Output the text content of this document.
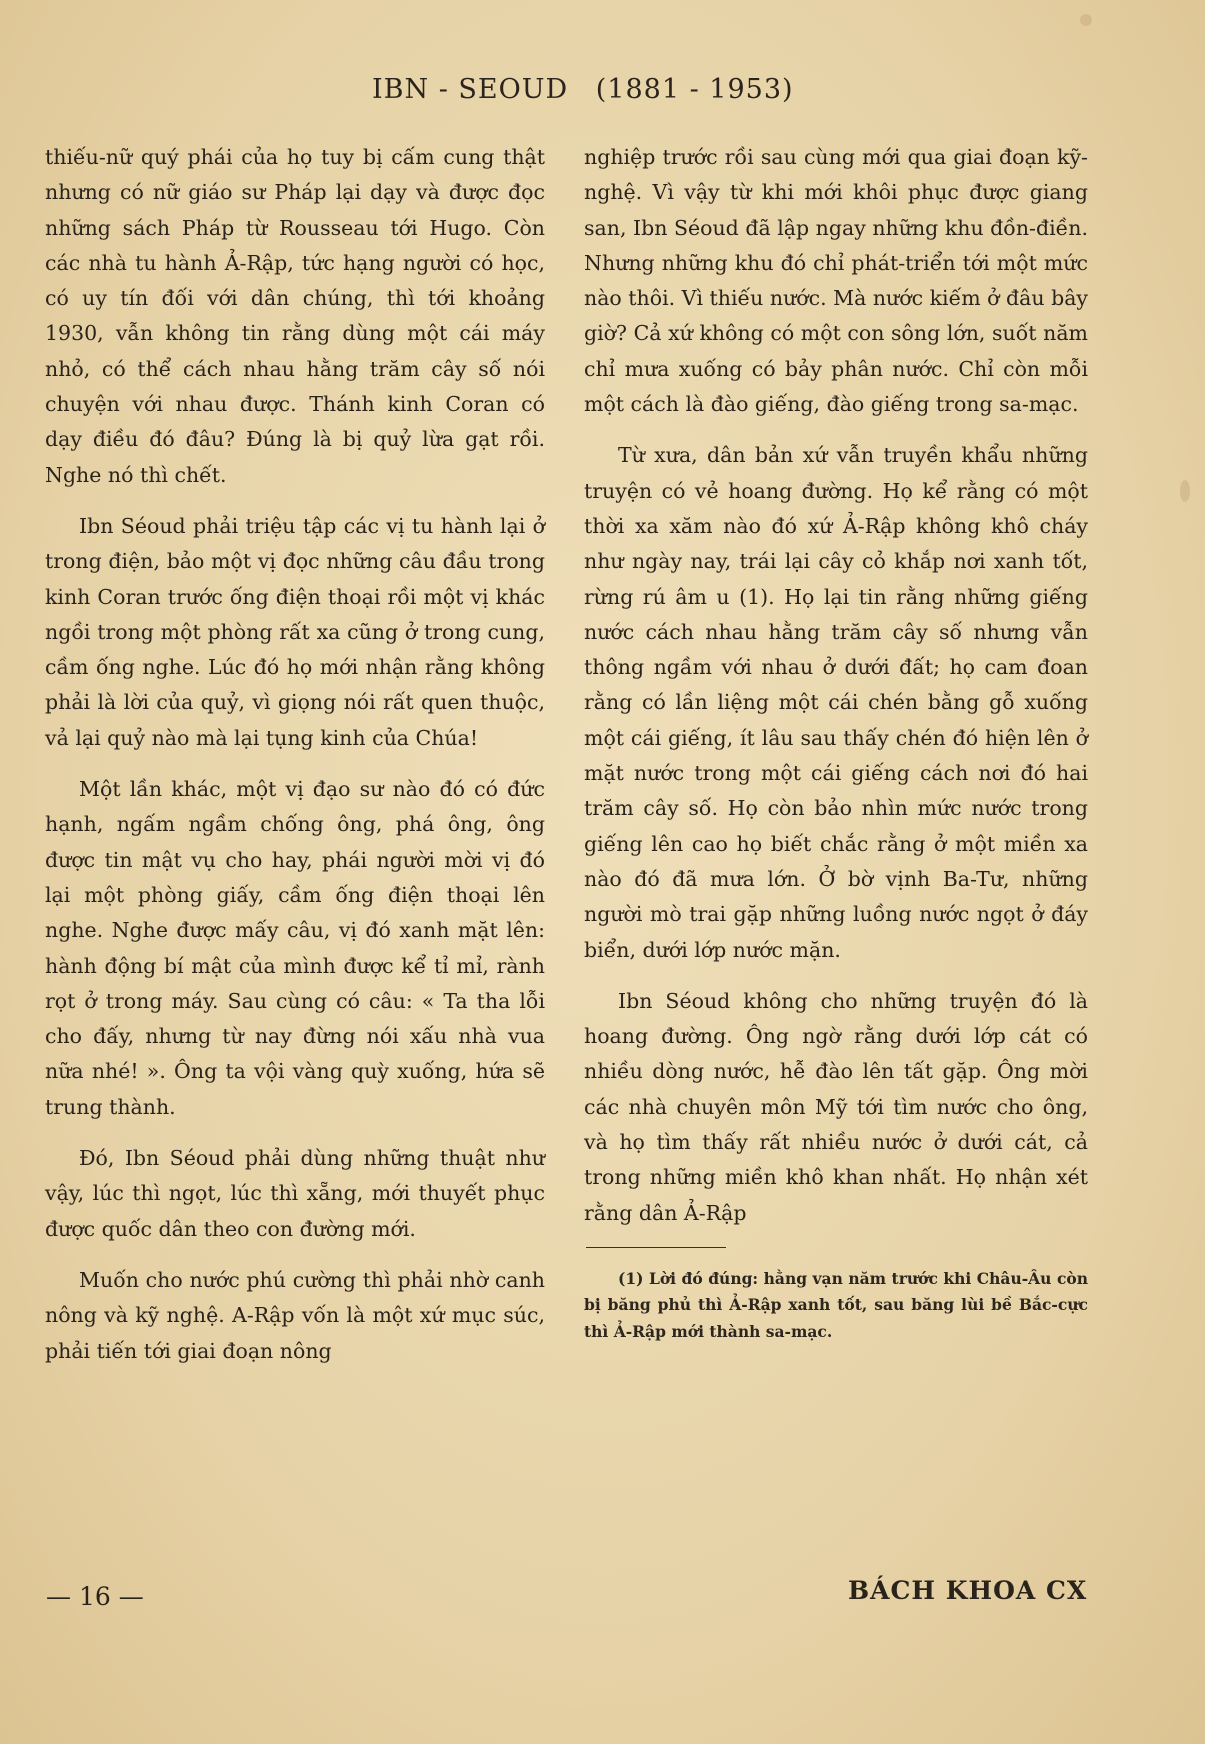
IBN - SEOUD (1881 - 1953)

thiếu-nữ quý phái của họ tuy bị cấm cung thật nhưng có nữ giáo sư Pháp lại dạy và được đọc những sách Pháp từ Rousseau tới Hugo. Còn các nhà tu hành Ả-Rập, tức hạng người có học, có uy tín đối với dân chúng, thì tới khoảng 1930, vẫn không tin rằng dùng một cái máy nhỏ, có thể cách nhau hằng trăm cây số nói chuyện với nhau được. Thánh kinh Coran có dạy điều đó đâu? Đúng là bị quỷ lừa gạt rồi. Nghe nó thì chết.

Ibn Séoud phải triệu tập các vị tu hành lại ở trong điện, bảo một vị đọc những câu đầu trong kinh Coran trước ống điện thoại rồi một vị khác ngồi trong một phòng rất xa cũng ở trong cung, cầm ống nghe. Lúc đó họ mới nhận rằng không phải là lời của quỷ, vì giọng nói rất quen thuộc, vả lại quỷ nào mà lại tụng kinh của Chúa!

Một lần khác, một vị đạo sư nào đó có đức hạnh, ngấm ngầm chống ông, phá ông, ông được tin mật vụ cho hay, phái người mời vị đó lại một phòng giấy, cầm ống điện thoại lên nghe. Nghe được mấy câu, vị đó xanh mặt lên: hành động bí mật của mình được kể tỉ mỉ, rành rọt ở trong máy. Sau cùng có câu: « Ta tha lỗi cho đấy, nhưng từ nay đừng nói xấu nhà vua nữa nhé! ». Ông ta vội vàng quỳ xuống, hứa sẽ trung thành.

Đó, Ibn Séoud phải dùng những thuật như vậy, lúc thì ngọt, lúc thì xẵng, mới thuyết phục được quốc dân theo con đường mới.

Muốn cho nước phú cường thì phải nhờ canh nông và kỹ nghệ. A-Rập vốn là một xứ mục súc, phải tiến tới giai đoạn nông

nghiệp trước rồi sau cùng mới qua giai đoạn kỹ-nghệ. Vì vậy từ khi mới khôi phục được giang san, Ibn Séoud đã lập ngay những khu đồn-điền. Nhưng những khu đó chỉ phát-triển tới một mức nào thôi. Vì thiếu nước. Mà nước kiếm ở đâu bây giờ? Cả xứ không có một con sông lớn, suốt năm chỉ mưa xuống có bảy phân nước. Chỉ còn mỗi một cách là đào giếng, đào giếng trong sa-mạc.

Từ xưa, dân bản xứ vẫn truyền khẩu những truyện có vẻ hoang đường. Họ kể rằng có một thời xa xăm nào đó xứ Ả-Rập không khô cháy như ngày nay, trái lại cây cỏ khắp nơi xanh tốt, rừng rú âm u (1). Họ lại tin rằng những giếng nước cách nhau hằng trăm cây số nhưng vẫn thông ngầm với nhau ở dưới đất; họ cam đoan rằng có lần liệng một cái chén bằng gỗ xuống một cái giếng, ít lâu sau thấy chén đó hiện lên ở mặt nước trong một cái giếng cách nơi đó hai trăm cây số. Họ còn bảo nhìn mức nước trong giếng lên cao họ biết chắc rằng ở một miền xa nào đó đã mưa lớn. Ở bờ vịnh Ba-Tư, những người mò trai gặp những luồng nước ngọt ở đáy biển, dưới lớp nước mặn.

Ibn Séoud không cho những truyện đó là hoang đường. Ông ngờ rằng dưới lớp cát có nhiều dòng nước, hễ đào lên tất gặp. Ông mời các nhà chuyên môn Mỹ tới tìm nước cho ông, và họ tìm thấy rất nhiều nước ở dưới cát, cả trong những miền khô khan nhất. Họ nhận xét rằng dân Ả-Rập

(1) Lời đó đúng: hằng vạn năm trước khi Châu-Âu còn bị băng phủ thì Ả-Rập xanh tốt, sau băng lùi bề Bắc-cực thì Ả-Rập mới thành sa-mạc.

— 16 —	BÁCH KHOA CX
